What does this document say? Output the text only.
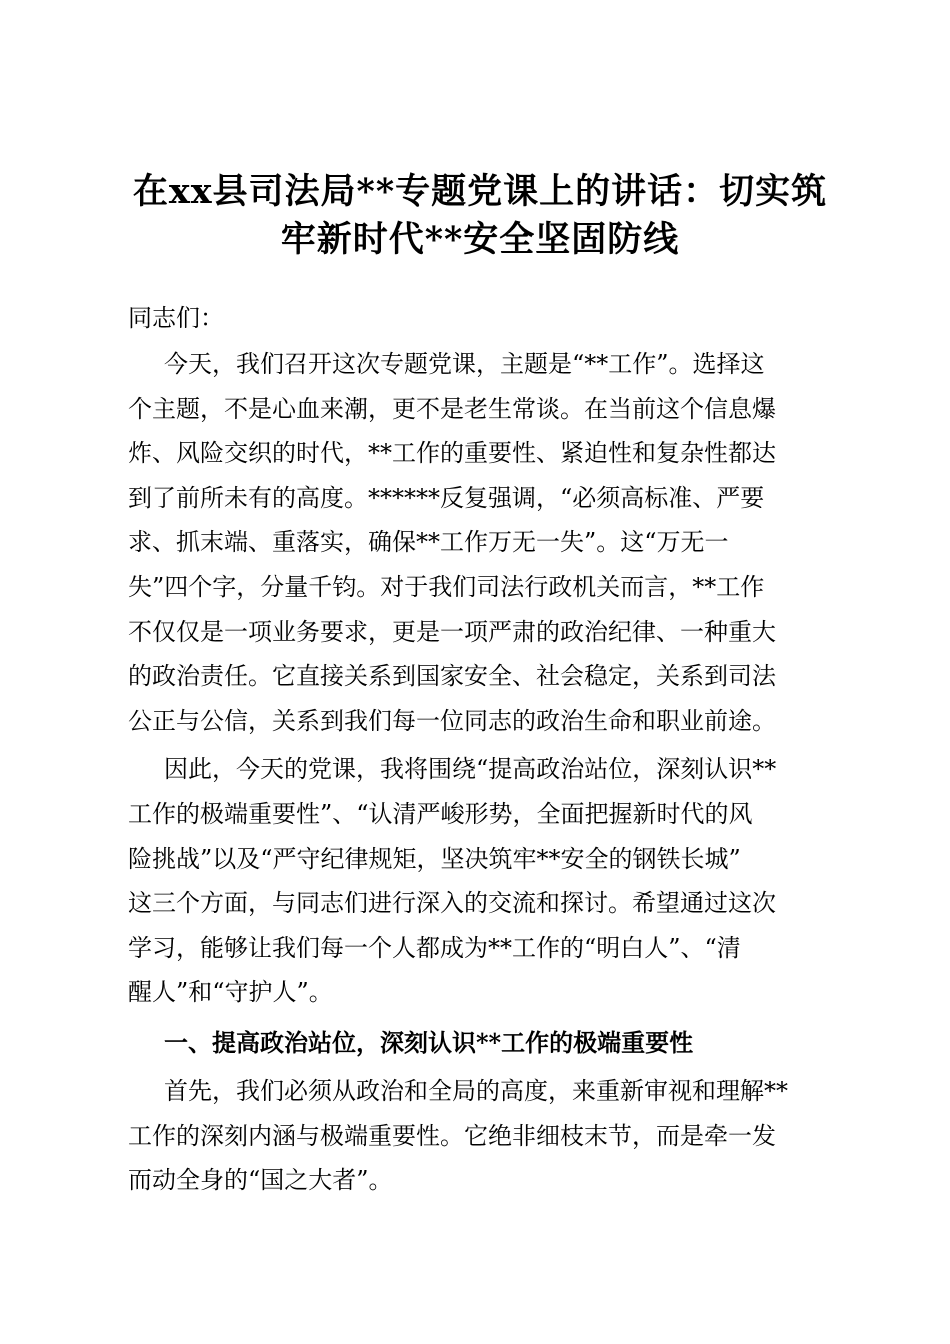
在xx县司法局**专题党课上的讲话：切实筑
牢新时代**安全坚固防线

同志们：

今天，我们召开这次专题党课，主题是“**工作”。选择这
个主题，不是心血来潮，更不是老生常谈。在当前这个信息爆
炸、风险交织的时代，**工作的重要性、紧迫性和复杂性都达
到了前所未有的高度。******反复强调，“必须高标准、严要
求、抓末端、重落实，确保**工作万无一失”。这“万无一
失”四个字，分量千钧。对于我们司法行政机关而言，**工作
不仅仅是一项业务要求，更是一项严肃的政治纪律、一种重大
的政治责任。它直接关系到国家安全、社会稳定，关系到司法
公正与公信，关系到我们每一位同志的政治生命和职业前途。
因此，今天的党课，我将围绕“提高政治站位，深刻认识**
工作的极端重要性”、“认清严峻形势，全面把握新时代的风
险挑战”以及“严守纪律规矩，坚决筑牢**安全的钢铁长城”
这三个方面，与同志们进行深入的交流和探讨。希望通过这次
学习，能够让我们每一个人都成为**工作的“明白人”、“清
醒人”和“守护人”。

一、提高政治站位，深刻认识**工作的极端重要性

首先，我们必须从政治和全局的高度，来重新审视和理解**
工作的深刻内涵与极端重要性。它绝非细枝末节，而是牵一发
而动全身的“国之大者”。
